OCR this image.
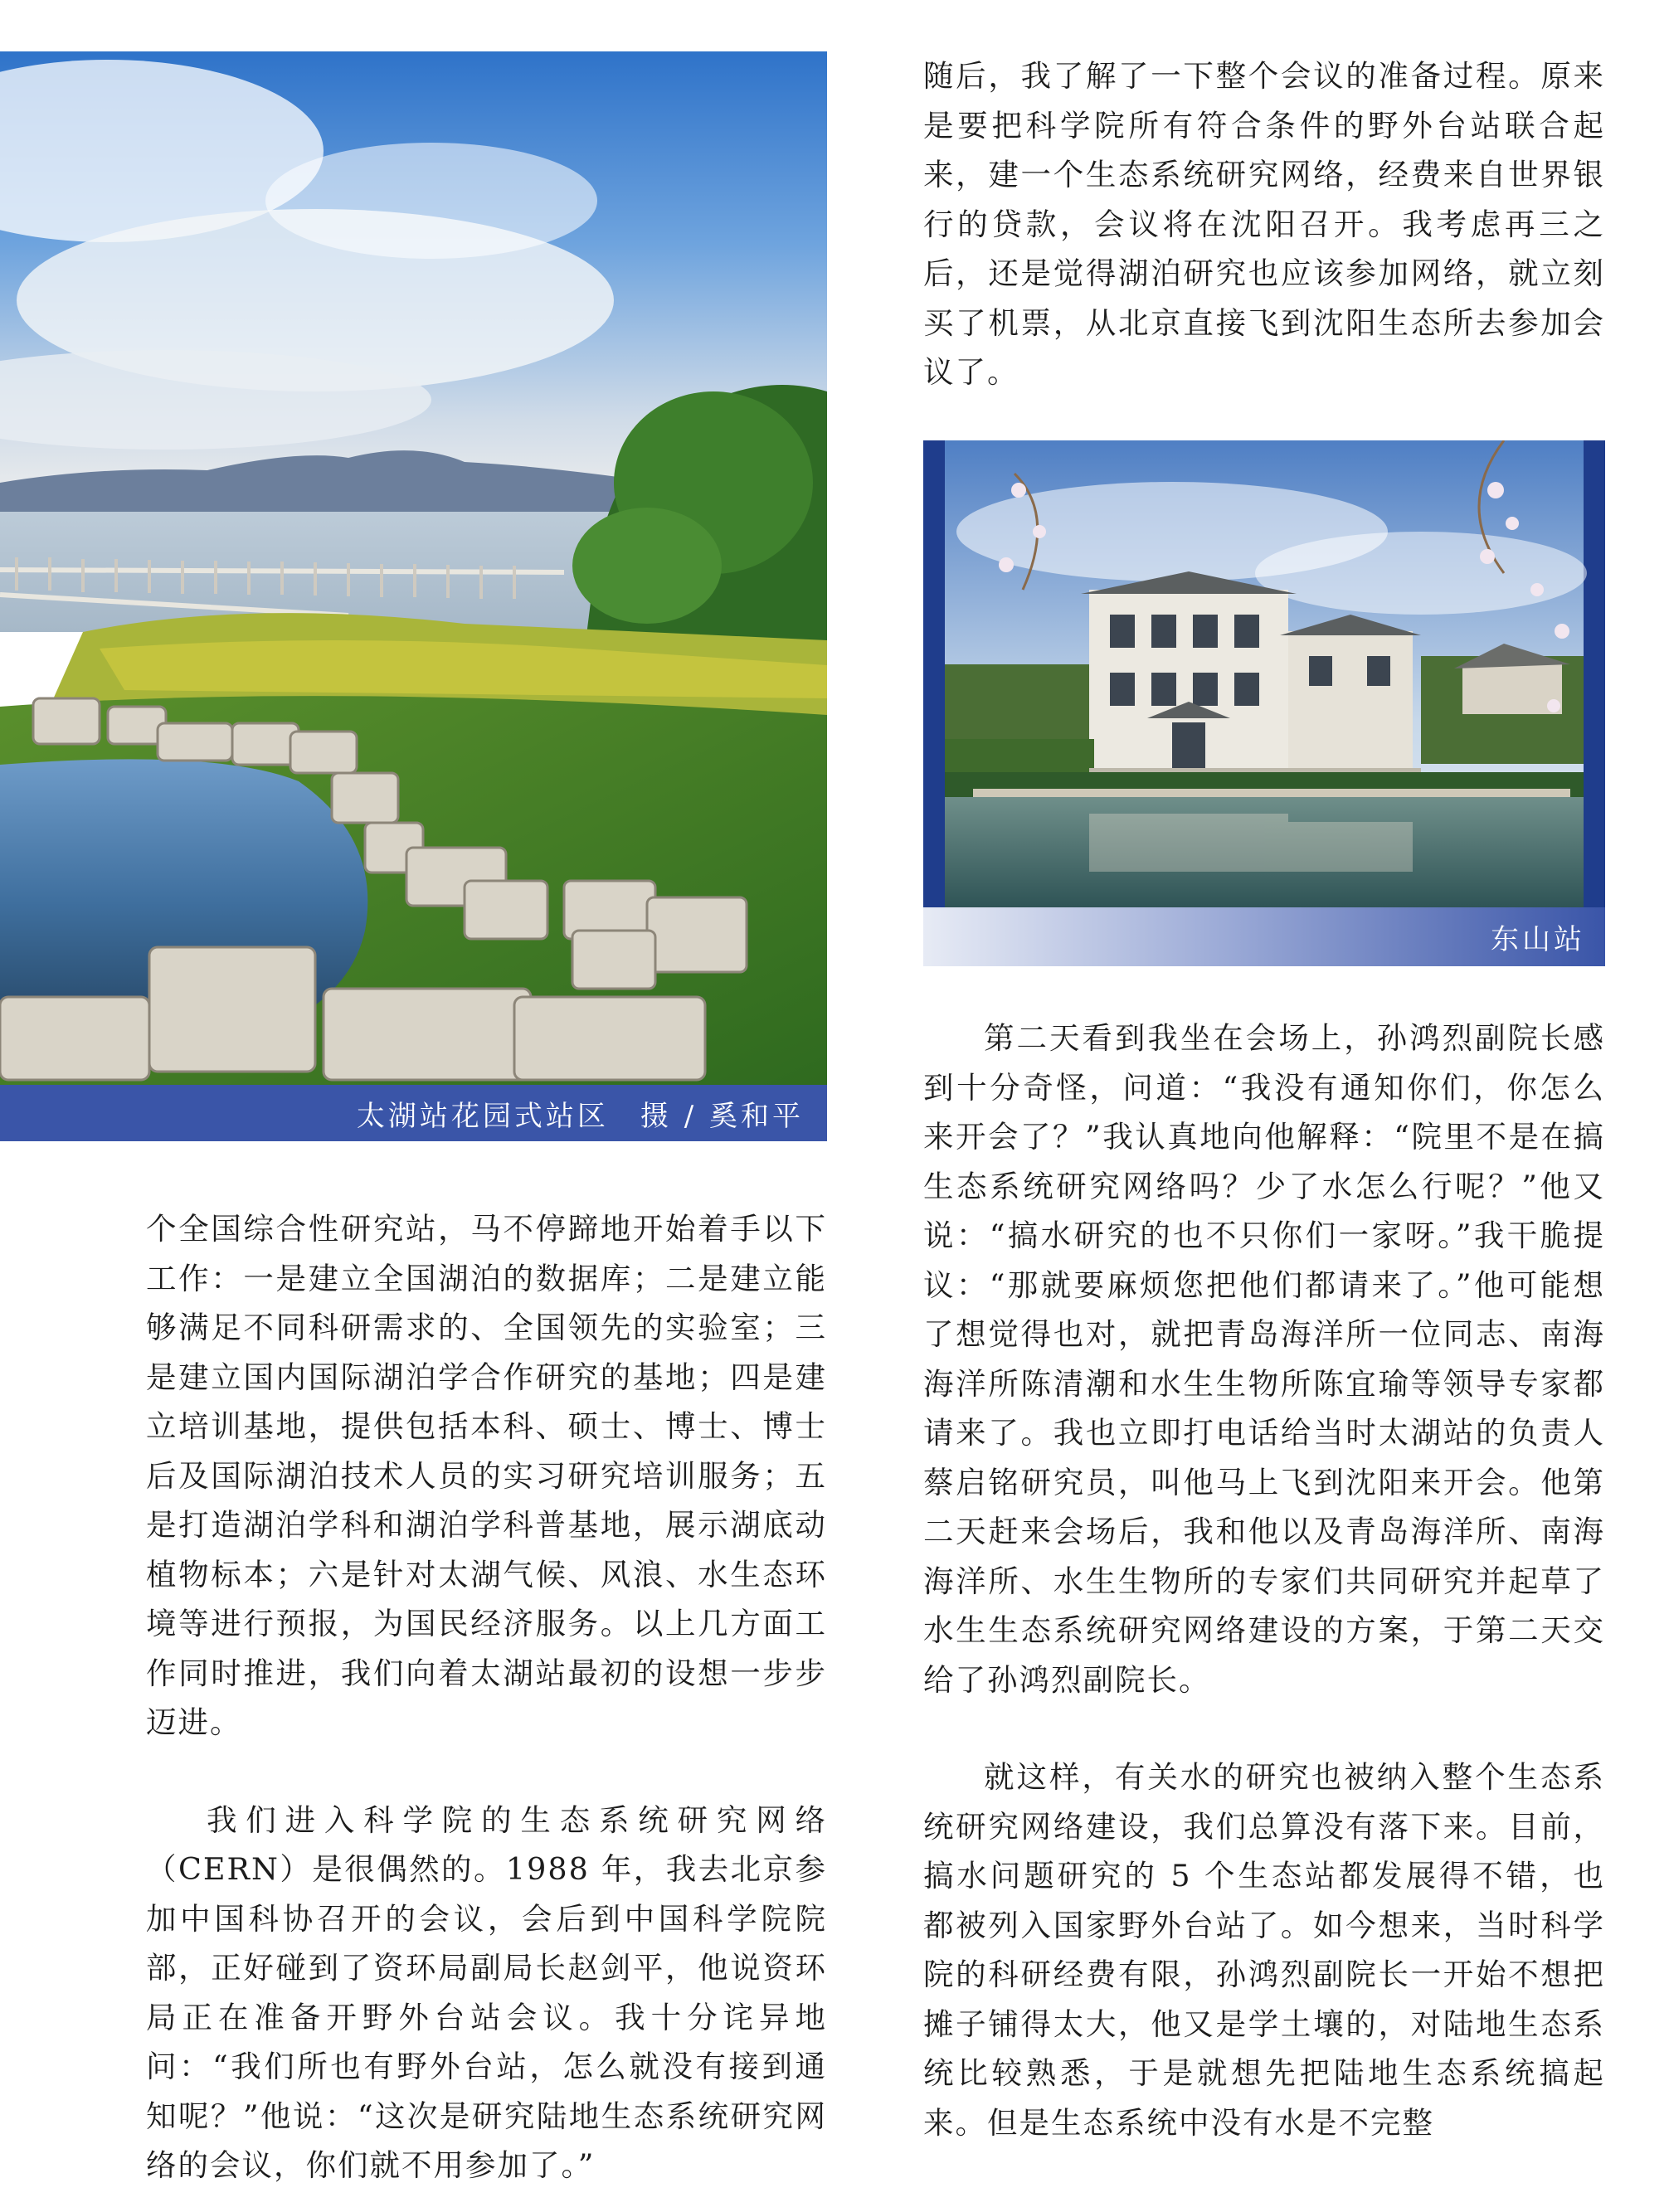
太湖站花园式站区　摄 / 奚和平
东山站

个全国综合性研究站，马不停蹄地开始着手以下工作：一是建立全国湖泊的数据库；二是建立能够满足不同科研需求的、全国领先的实验室；三是建立国内国际湖泊学合作研究的基地；四是建立培训基地，提供包括本科、硕士、博士、博士后及国际湖泊技术人员的实习研究培训服务；五是打造湖泊学科和湖泊学科普基地，展示湖底动植物标本；六是针对太湖气候、风浪、水生态环境等进行预报，为国民经济服务。以上几方面工作同时推进，我们向着太湖站最初的设想一步步迈进。

我们进入科学院的生态系统研究网络（CERN）是很偶然的。1988 年，我去北京参加中国科协召开的会议，会后到中国科学院院部，正好碰到了资环局副局长赵剑平，他说资环局正在准备开野外台站会议。我十分诧异地问：“我们所也有野外台站，怎么就没有接到通知呢？”他说：“这次是研究陆地生态系统研究网络的会议，你们就不用参加了。”

随后，我了解了一下整个会议的准备过程。原来是要把科学院所有符合条件的野外台站联合起来，建一个生态系统研究网络，经费来自世界银行的贷款，会议将在沈阳召开。我考虑再三之后，还是觉得湖泊研究也应该参加网络，就立刻买了机票，从北京直接飞到沈阳生态所去参加会议了。

第二天看到我坐在会场上，孙鸿烈副院长感到十分奇怪，问道：“我没有通知你们，你怎么来开会了？”我认真地向他解释：“院里不是在搞生态系统研究网络吗？少了水怎么行呢？”他又说：“搞水研究的也不只你们一家呀。”我干脆提议：“那就要麻烦您把他们都请来了。”他可能想了想觉得也对，就把青岛海洋所一位同志、南海海洋所陈清潮和水生生物所陈宜瑜等领导专家都请来了。我也立即打电话给当时太湖站的负责人蔡启铭研究员，叫他马上飞到沈阳来开会。他第二天赶来会场后，我和他以及青岛海洋所、南海海洋所、水生生物所的专家们共同研究并起草了水生生态系统研究网络建设的方案，于第二天交给了孙鸿烈副院长。

就这样，有关水的研究也被纳入整个生态系统研究网络建设，我们总算没有落下来。目前，搞水问题研究的 5 个生态站都发展得不错，也都被列入国家野外台站了。如今想来，当时科学院的科研经费有限，孙鸿烈副院长一开始不想把摊子铺得太大，他又是学土壤的，对陆地生态系统比较熟悉，于是就想先把陆地生态系统搞起来。但是生态系统中没有水是不完整
